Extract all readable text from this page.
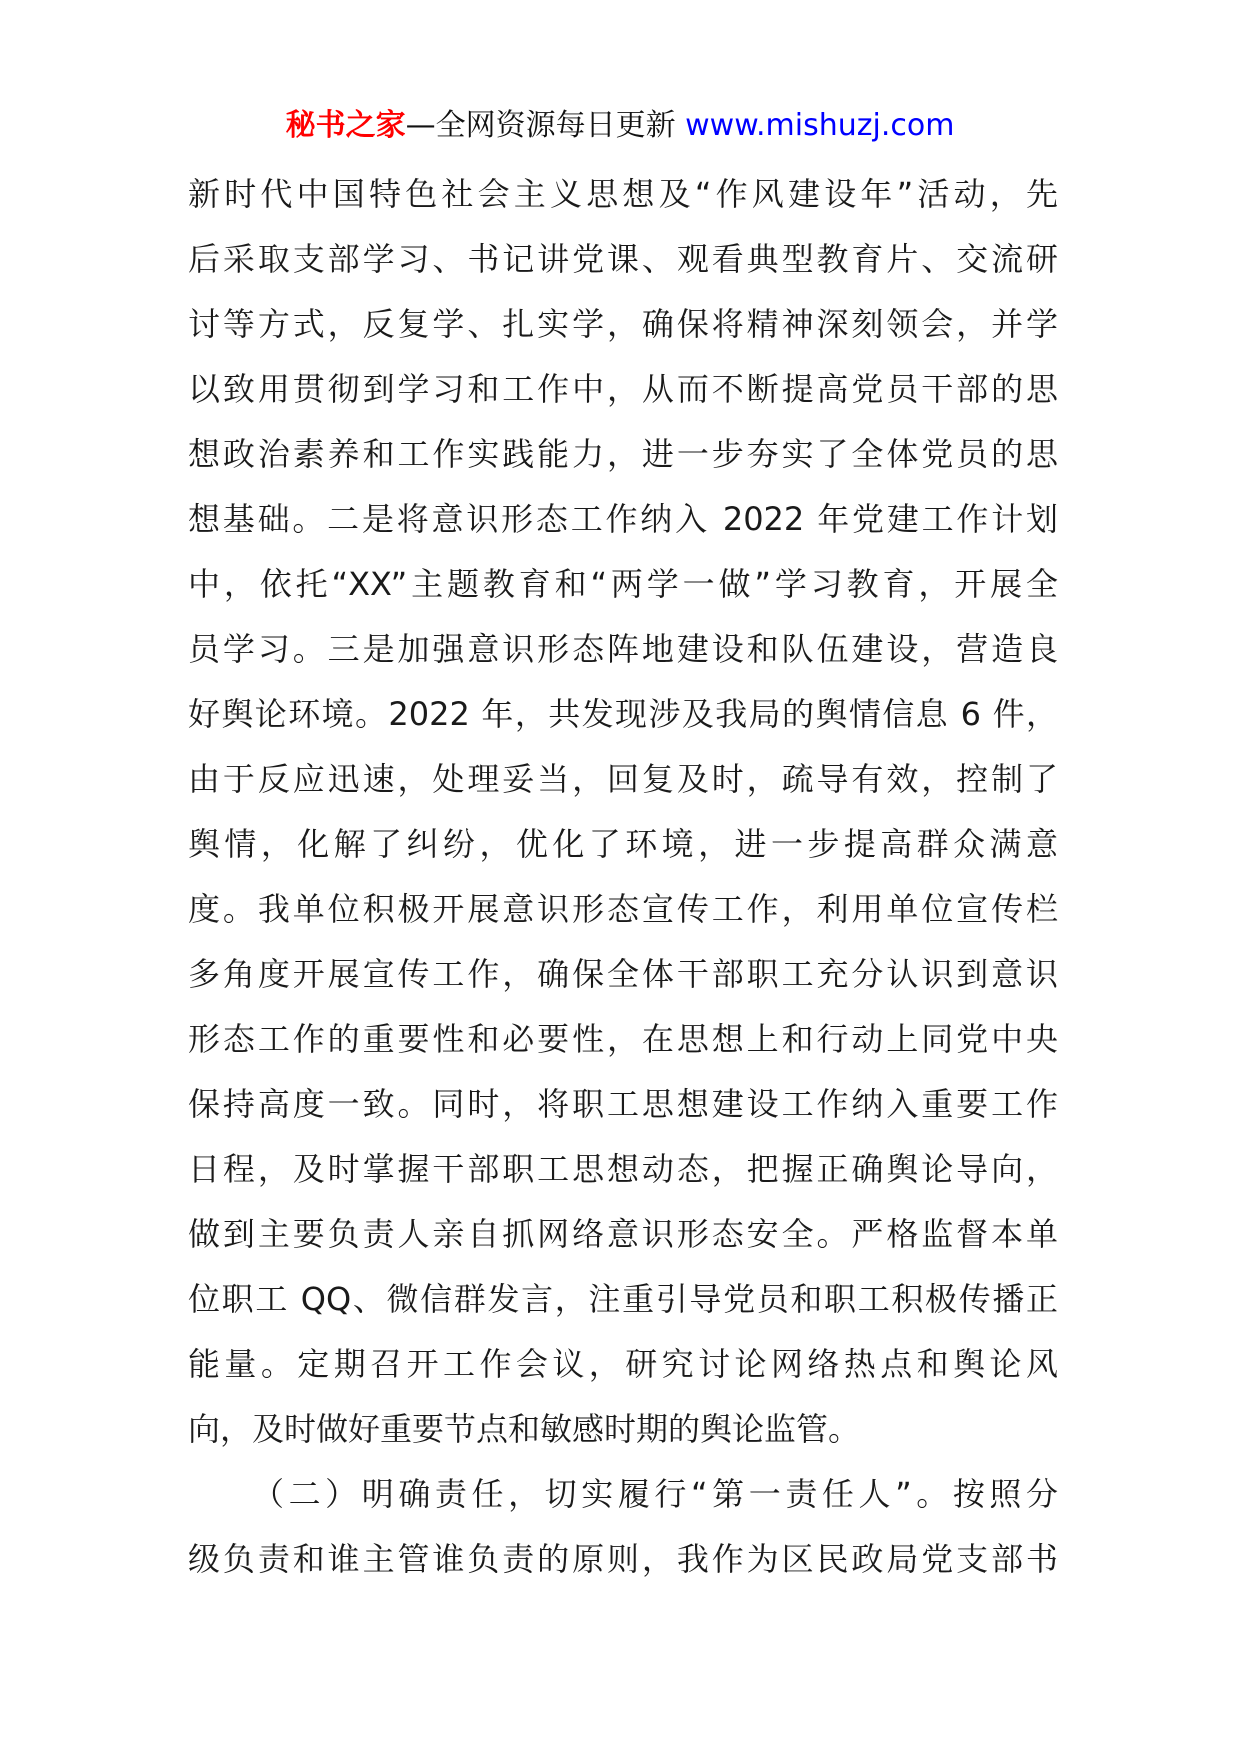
秘书之家—全网资源每日更新 www.mishuzj.com
新时代中国特色社会主义思想及“作风建设年”活动，先
后采取支部学习、书记讲党课、观看典型教育片、交流研
讨等方式，反复学、扎实学，确保将精神深刻领会，并学
以致用贯彻到学习和工作中，从而不断提高党员干部的思
想政治素养和工作实践能力，进一步夯实了全体党员的思
想基础。二是将意识形态工作纳入 2022 年党建工作计划
中，依托“XX”主题教育和“两学一做”学习教育，开展全
员学习。三是加强意识形态阵地建设和队伍建设，营造良
好舆论环境。2022 年，共发现涉及我局的舆情信息 6 件，
由于反应迅速，处理妥当，回复及时，疏导有效，控制了
舆情，化解了纠纷，优化了环境，进一步提高群众满意
度。我单位积极开展意识形态宣传工作，利用单位宣传栏
多角度开展宣传工作，确保全体干部职工充分认识到意识
形态工作的重要性和必要性，在思想上和行动上同党中央
保持高度一致。同时，将职工思想建设工作纳入重要工作
日程，及时掌握干部职工思想动态，把握正确舆论导向，
做到主要负责人亲自抓网络意识形态安全。严格监督本单
位职工 QQ、微信群发言，注重引导党员和职工积极传播正
能量。定期召开工作会议，研究讨论网络热点和舆论风
向，及时做好重要节点和敏感时期的舆论监管。
（二）明确责任，切实履行“第一责任人”。按照分
级负责和谁主管谁负责的原则，我作为区民政局党支部书
